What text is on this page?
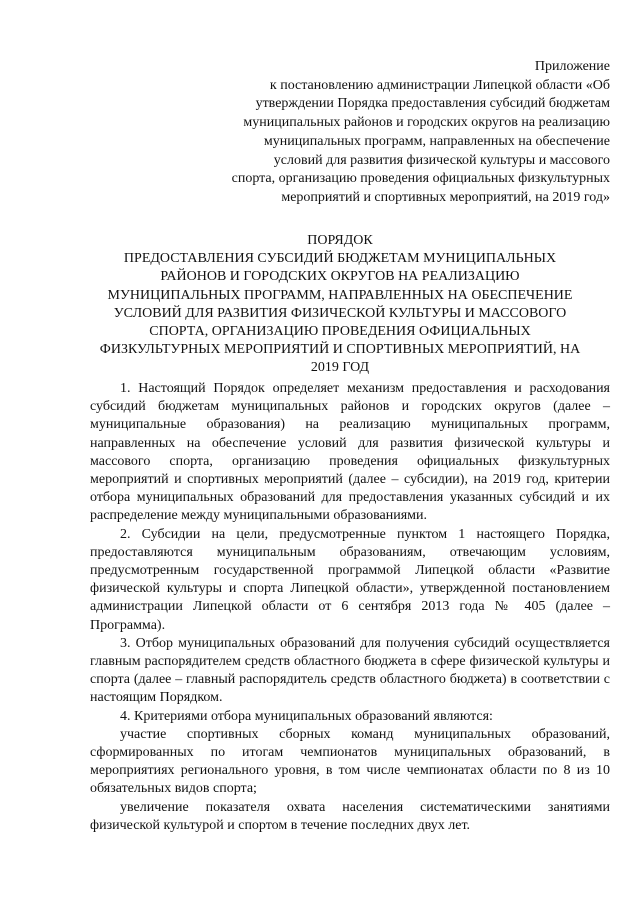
Приложение
к постановлению администрации Липецкой области «Об
утверждении Порядка предоставления субсидий бюджетам
муниципальных районов и городских округов на реализацию
муниципальных программ, направленных на обеспечение
условий для развития физической культуры и массового
спорта, организацию проведения официальных физкультурных
мероприятий и спортивных мероприятий, на 2019 год»
ПОРЯДОК
ПРЕДОСТАВЛЕНИЯ СУБСИДИЙ БЮДЖЕТАМ МУНИЦИПАЛЬНЫХ
РАЙОНОВ И ГОРОДСКИХ ОКРУГОВ НА РЕАЛИЗАЦИЮ
МУНИЦИПАЛЬНЫХ ПРОГРАММ, НАПРАВЛЕННЫХ НА ОБЕСПЕЧЕНИЕ
УСЛОВИЙ ДЛЯ РАЗВИТИЯ ФИЗИЧЕСКОЙ КУЛЬТУРЫ И МАССОВОГО
СПОРТА, ОРГАНИЗАЦИЮ ПРОВЕДЕНИЯ ОФИЦИАЛЬНЫХ
ФИЗКУЛЬТУРНЫХ МЕРОПРИЯТИЙ И СПОРТИВНЫХ МЕРОПРИЯТИЙ, НА
2019 ГОД

1. Настоящий Порядок определяет механизм предоставления и расходования субсидий бюджетам муниципальных районов и городских округов (далее – муниципальные образования) на реализацию муниципальных программ, направленных на обеспечение условий для развития физической культуры и массового спорта, организацию проведения официальных физкультурных мероприятий и спортивных мероприятий (далее – субсидии), на 2019 год, критерии отбора муниципальных образований для предоставления указанных субсидий и их распределение между муниципальными образованиями.

2. Субсидии на цели, предусмотренные пунктом 1 настоящего Порядка, предоставляются муниципальным образованиям, отвечающим условиям, предусмотренным государственной программой Липецкой области «Развитие физической культуры и спорта Липецкой области», утвержденной постановлением администрации Липецкой области от 6 сентября 2013 года № 405 (далее – Программа).

3. Отбор муниципальных образований для получения субсидий осуществляется главным распорядителем средств областного бюджета в сфере физической культуры и спорта (далее – главный распорядитель средств областного бюджета) в соответствии с настоящим Порядком.

4. Критериями отбора муниципальных образований являются:

участие спортивных сборных команд муниципальных образований, сформированных по итогам чемпионатов муниципальных образований, в мероприятиях регионального уровня, в том числе чемпионатах области по 8 из 10 обязательных видов спорта;

увеличение показателя охвата населения систематическими занятиями физической культурой и спортом в течение последних двух лет.
